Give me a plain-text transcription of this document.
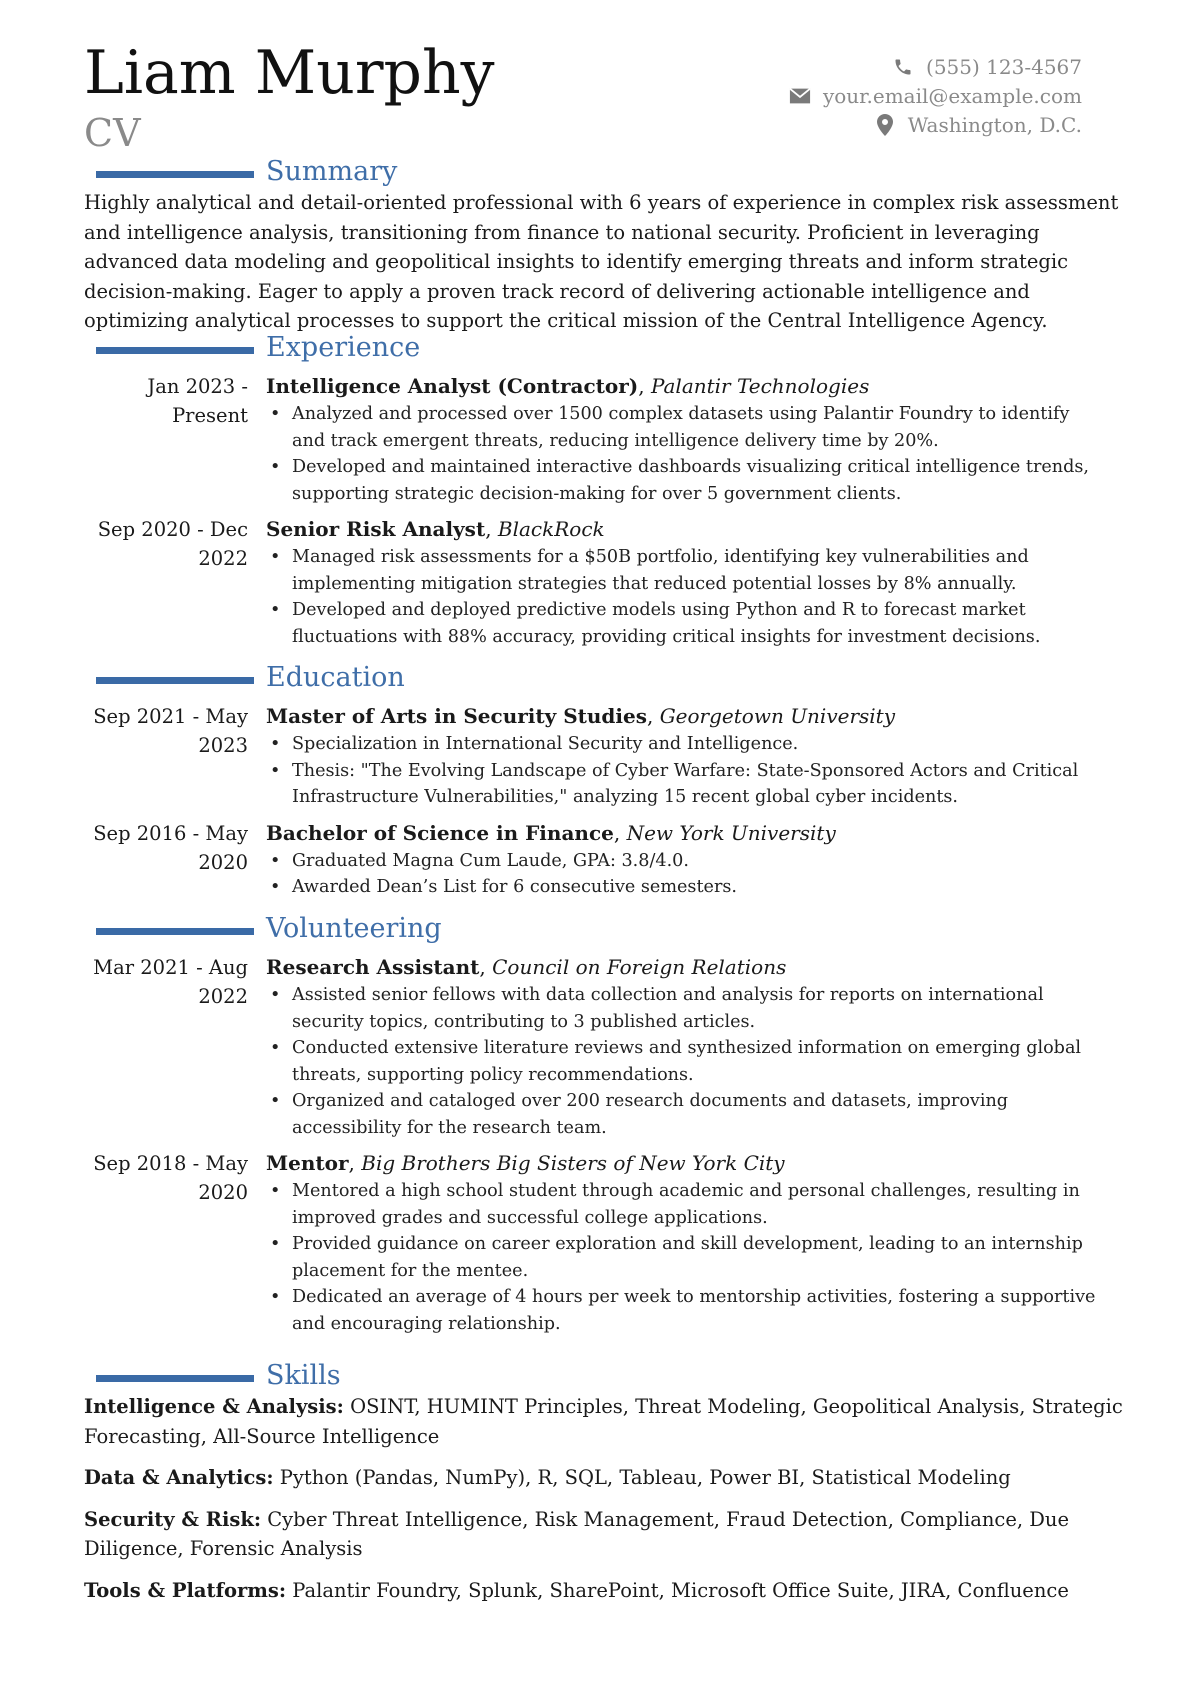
Liam Murphy
CV
(555) 123-4567
your.email@example.com
Washington, D.C.
Summary
Highly analytical and detail-oriented professional with 6 years of experience in complex risk assessment and intelligence analysis, transitioning from finance to national security. Proficient in leveraging advanced data modeling and geopolitical insights to identify emerging threats and inform strategic decision-making. Eager to apply a proven track record of delivering actionable intelligence and optimizing analytical processes to support the critical mission of the Central Intelligence Agency.
Experience
Jan 2023 - Present
Intelligence Analyst (Contractor), Palantir Technologies
• Analyzed and processed over 1500 complex datasets using Palantir Foundry to identify and track emergent threats, reducing intelligence delivery time by 20%.
• Developed and maintained interactive dashboards visualizing critical intelligence trends, supporting strategic decision-making for over 5 government clients.
Sep 2020 - Dec 2022
Senior Risk Analyst, BlackRock
• Managed risk assessments for a $50B portfolio, identifying key vulnerabilities and implementing mitigation strategies that reduced potential losses by 8% annually.
• Developed and deployed predictive models using Python and R to forecast market fluctuations with 88% accuracy, providing critical insights for investment decisions.
Education
Sep 2021 - May 2023
Master of Arts in Security Studies, Georgetown University
• Specialization in International Security and Intelligence.
• Thesis: "The Evolving Landscape of Cyber Warfare: State-Sponsored Actors and Critical Infrastructure Vulnerabilities," analyzing 15 recent global cyber incidents.
Sep 2016 - May 2020
Bachelor of Science in Finance, New York University
• Graduated Magna Cum Laude, GPA: 3.8/4.0.
• Awarded Dean’s List for 6 consecutive semesters.
Volunteering
Mar 2021 - Aug 2022
Research Assistant, Council on Foreign Relations
• Assisted senior fellows with data collection and analysis for reports on international security topics, contributing to 3 published articles.
• Conducted extensive literature reviews and synthesized information on emerging global threats, supporting policy recommendations.
• Organized and cataloged over 200 research documents and datasets, improving accessibility for the research team.
Sep 2018 - May 2020
Mentor, Big Brothers Big Sisters of New York City
• Mentored a high school student through academic and personal challenges, resulting in improved grades and successful college applications.
• Provided guidance on career exploration and skill development, leading to an internship placement for the mentee.
• Dedicated an average of 4 hours per week to mentorship activities, fostering a supportive and encouraging relationship.
Skills
Intelligence & Analysis: OSINT, HUMINT Principles, Threat Modeling, Geopolitical Analysis, Strategic Forecasting, All-Source Intelligence
Data & Analytics: Python (Pandas, NumPy), R, SQL, Tableau, Power BI, Statistical Modeling
Security & Risk: Cyber Threat Intelligence, Risk Management, Fraud Detection, Compliance, Due Diligence, Forensic Analysis
Tools & Platforms: Palantir Foundry, Splunk, SharePoint, Microsoft Office Suite, JIRA, Confluence
